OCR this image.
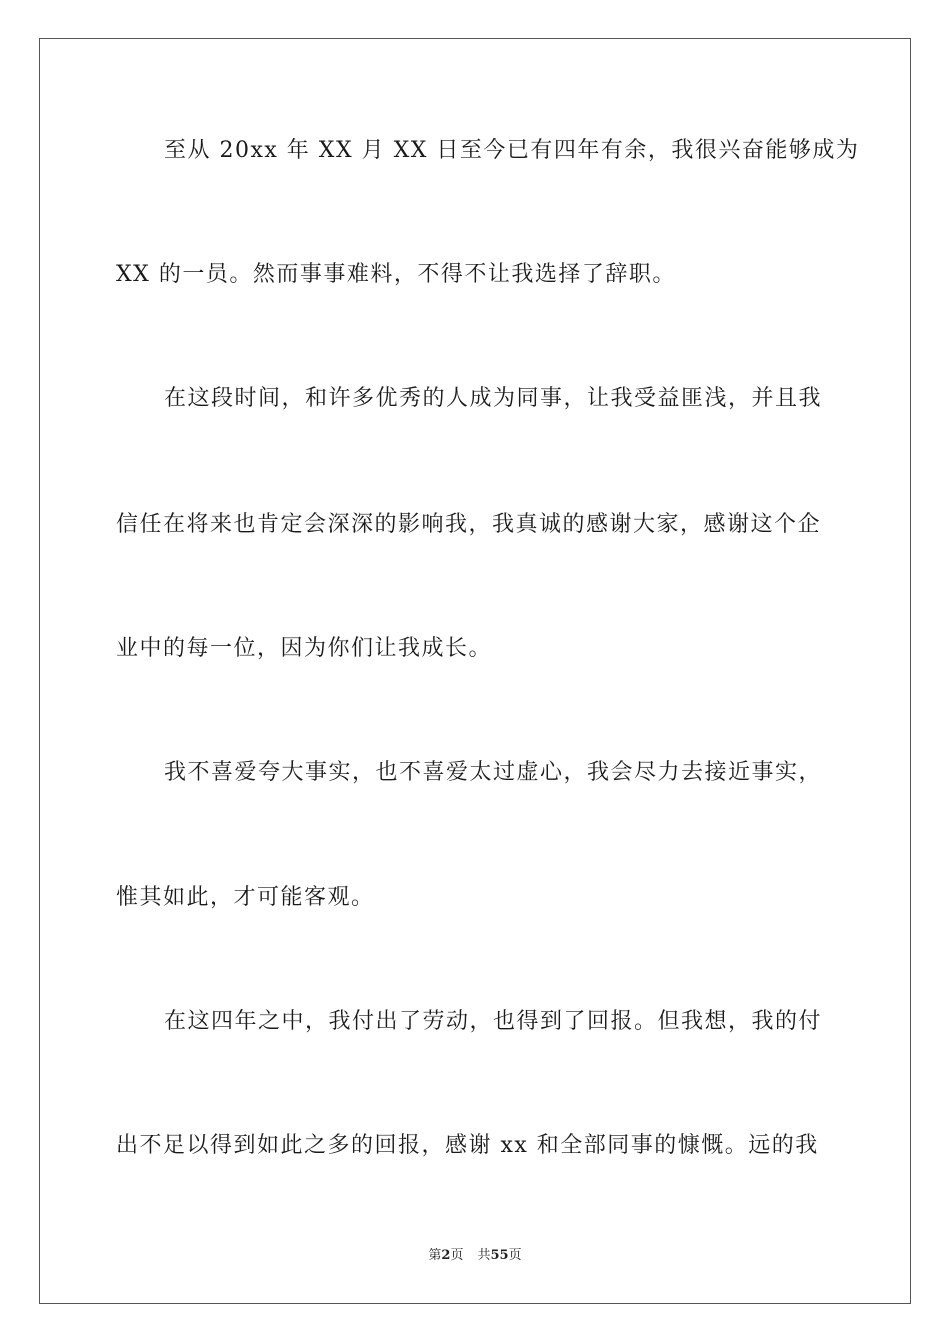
至从 20xx 年 XX 月 XX 日至今已有四年有余，我很兴奋能够成为
XX 的一员。然而事事难料，不得不让我选择了辞职。
在这段时间，和许多优秀的人成为同事，让我受益匪浅，并且我
信任在将来也肯定会深深的影响我，我真诚的感谢大家，感谢这个企
业中的每一位，因为你们让我成长。
我不喜爱夸大事实，也不喜爱太过虚心，我会尽力去接近事实，
惟其如此，才可能客观。
在这四年之中，我付出了劳动，也得到了回报。但我想，我的付
出不足以得到如此之多的回报，感谢 xx 和全部同事的慷慨。远的我
第2页 共55页
